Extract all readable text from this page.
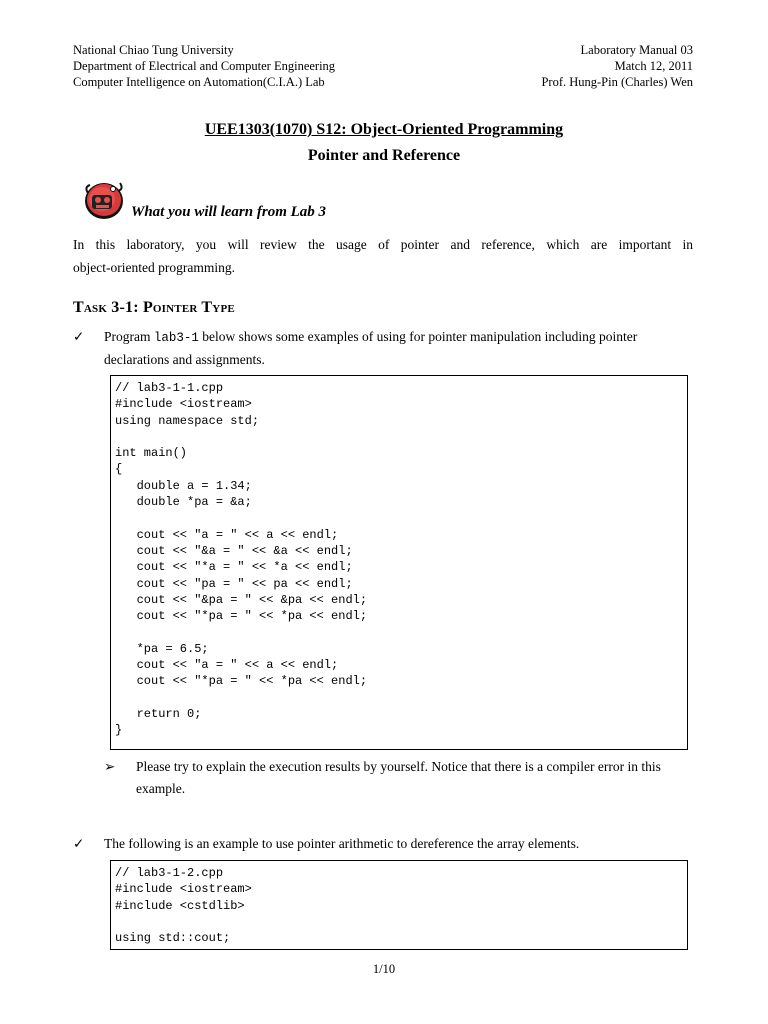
National Chiao Tung University	Laboratory Manual 03
Department of Electrical and Computer Engineering	Match 12, 2011
Computer Intelligence on Automation(C.I.A.) Lab	Prof. Hung-Pin (Charles) Wen
UEE1303(1070) S12: Object-Oriented Programming
Pointer and Reference
What you will learn from Lab 3
In this laboratory, you will review the usage of pointer and reference, which are important in
object-oriented programming.
Task 3-1: Pointer Type
✓	Program lab3-1 below shows some examples of using for pointer manipulation including pointer declarations and assignments.
// lab3-1-1.cpp
#include <iostream>
using namespace std;
int main()
{
double a = 1.34;
double *pa = &a;
cout << "a = " << a << endl;
cout << "&a = " << &a << endl;
cout << "*a = " << *a << endl;
cout << "pa = " << pa << endl;
cout << "&pa = " << &pa << endl;
cout << "*pa = " << *pa << endl;
*pa = 6.5;
cout << "a = " << a << endl;
cout << "*pa = " << *pa << endl;
return 0;
}
➢	Please try to explain the execution results by yourself. Notice that there is a compiler error in this example.
✓	The following is an example to use pointer arithmetic to dereference the array elements.
// lab3-1-2.cpp
#include <iostream>
#include <cstdlib>
using std::cout;
1/10
